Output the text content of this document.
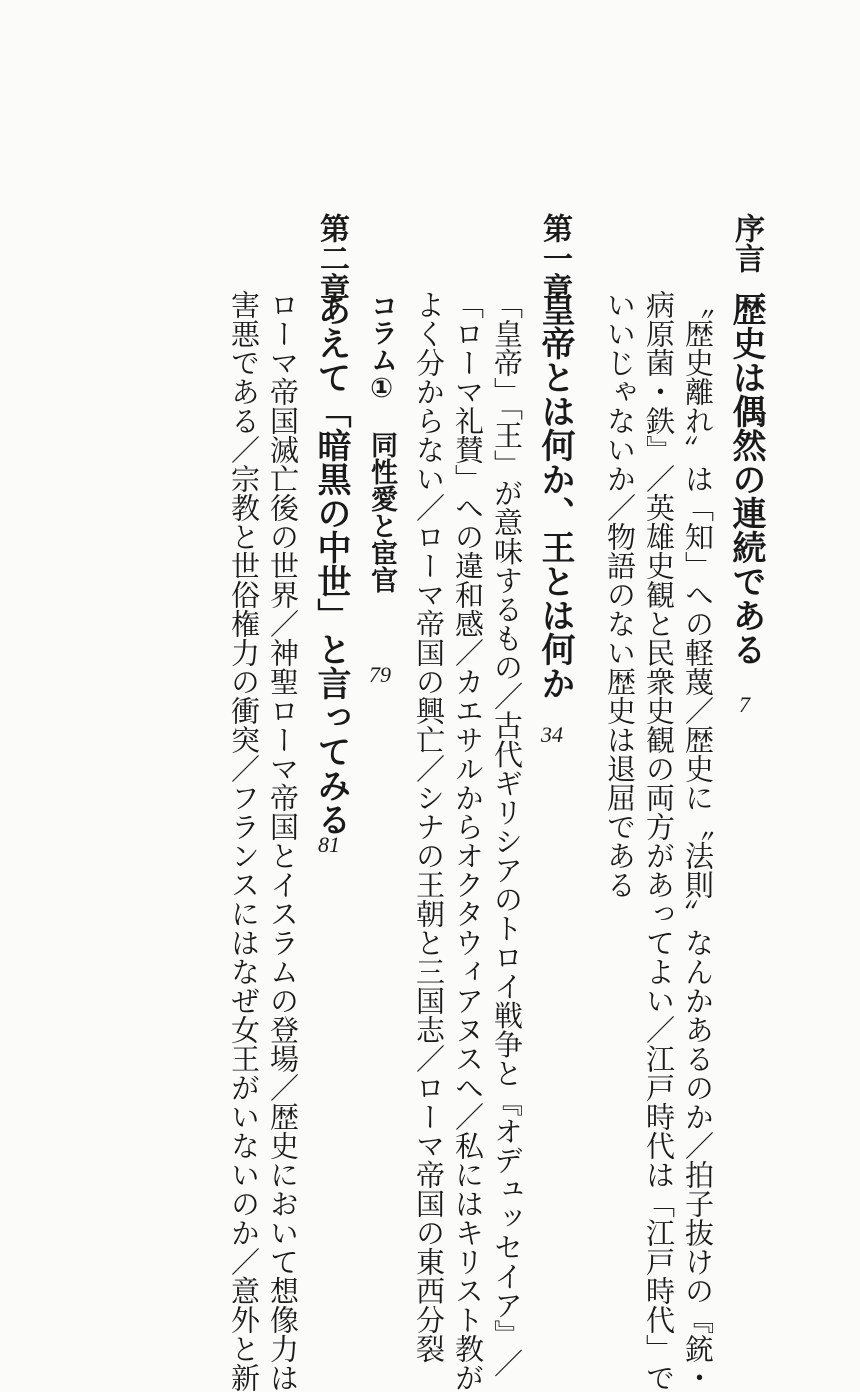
序言
歴史は偶然の連続である
7
〝歴史離れ〟は「知」への軽蔑／歴史に〝法則〟なんかあるのか／拍子抜けの『銃・
病原菌・鉄』／英雄史観と民衆史観の両方があってよい／江戸時代は「江戸時代」で
いいじゃないか／物語のない歴史は退屈である
第一章
皇帝とは何か、王とは何か
34
「皇帝」「王」が意味するもの／古代ギリシアのトロイ戦争と『オデュッセイア』／
「ローマ礼賛」への違和感／カエサルからオクタウィアヌスへ／私にはキリスト教が
よく分からない／ローマ帝国の興亡／シナの王朝と三国志／ローマ帝国の東西分裂
コラム①　同性愛と宦官
79
第二章
あえて「暗黒の中世」と言ってみる
81
ローマ帝国滅亡後の世界／神聖ローマ帝国とイスラムの登場／歴史において想像力は
害悪である／宗教と世俗権力の衝突／フランスにはなぜ女王がいないのか／意外と新
